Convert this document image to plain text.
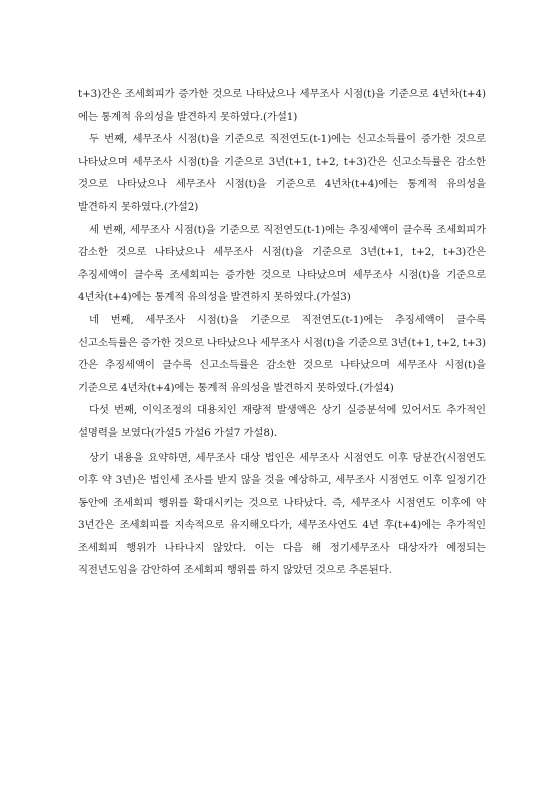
t+3)간은 조세회피가 증가한 것으로 나타났으나 세무조사 시점(t)을 기준으로 4년차(t+4)에는 통계적 유의성을 발견하지 못하였다.(가설1)

두 번째, 세무조사 시점(t)을 기준으로 직전연도(t-1)에는 신고소득률이 증가한 것으로 나타났으며 세무조사 시점(t)을 기준으로 3년(t+1, t+2, t+3)간은 신고소득률은 감소한 것으로 나타났으나 세무조사 시점(t)을 기준으로 4년차(t+4)에는 통계적 유의성을 발견하지 못하였다.(가설2)

세 번째, 세무조사 시점(t)을 기준으로 직전연도(t-1)에는 추징세액이 클수록 조세회피가 감소한 것으로 나타났으나 세무조사 시점(t)을 기준으로 3년(t+1, t+2, t+3)간은 추징세액이 클수록 조세회피는 증가한 것으로 나타났으며 세무조사 시점(t)을 기준으로 4년차(t+4)에는 통계적 유의성을 발견하지 못하였다.(가설3)

네 번째, 세무조사 시점(t)을 기준으로 직전연도(t-1)에는 추징세액이 클수록 신고소득률은 증가한 것으로 나타났으나 세무조사 시점(t)을 기준으로 3년(t+1, t+2, t+3)간은 추징세액이 클수록 신고소득률은 감소한 것으로 나타났으며 세무조사 시점(t)을 기준으로 4년차(t+4)에는 통계적 유의성을 발견하지 못하였다.(가설4)

다섯 번째, 이익조정의 대용치인 재량적 발생액은 상기 실증분석에 있어서도 추가적인 설명력을 보였다(가설5 가설6 가설7 가설8).

상기 내용을 요약하면, 세무조사 대상 법인은 세무조사 시점연도 이후 당분간(시점연도 이후 약 3년)은 법인세 조사를 받지 않을 것을 예상하고, 세무조사 시점연도 이후 일정기간 동안에 조세회피 행위를 확대시키는 것으로 나타났다. 즉, 세무조사 시점연도 이후에 약 3년간은 조세회피를 지속적으로 유지해오다가, 세무조사연도 4년 후(t+4)에는 추가적인 조세회피 행위가 나타나지 않았다. 이는 다음 해 정기세무조사 대상자가 예정되는 직전년도임을 감안하여 조세회피 행위를 하지 않았던 것으로 추론된다.
